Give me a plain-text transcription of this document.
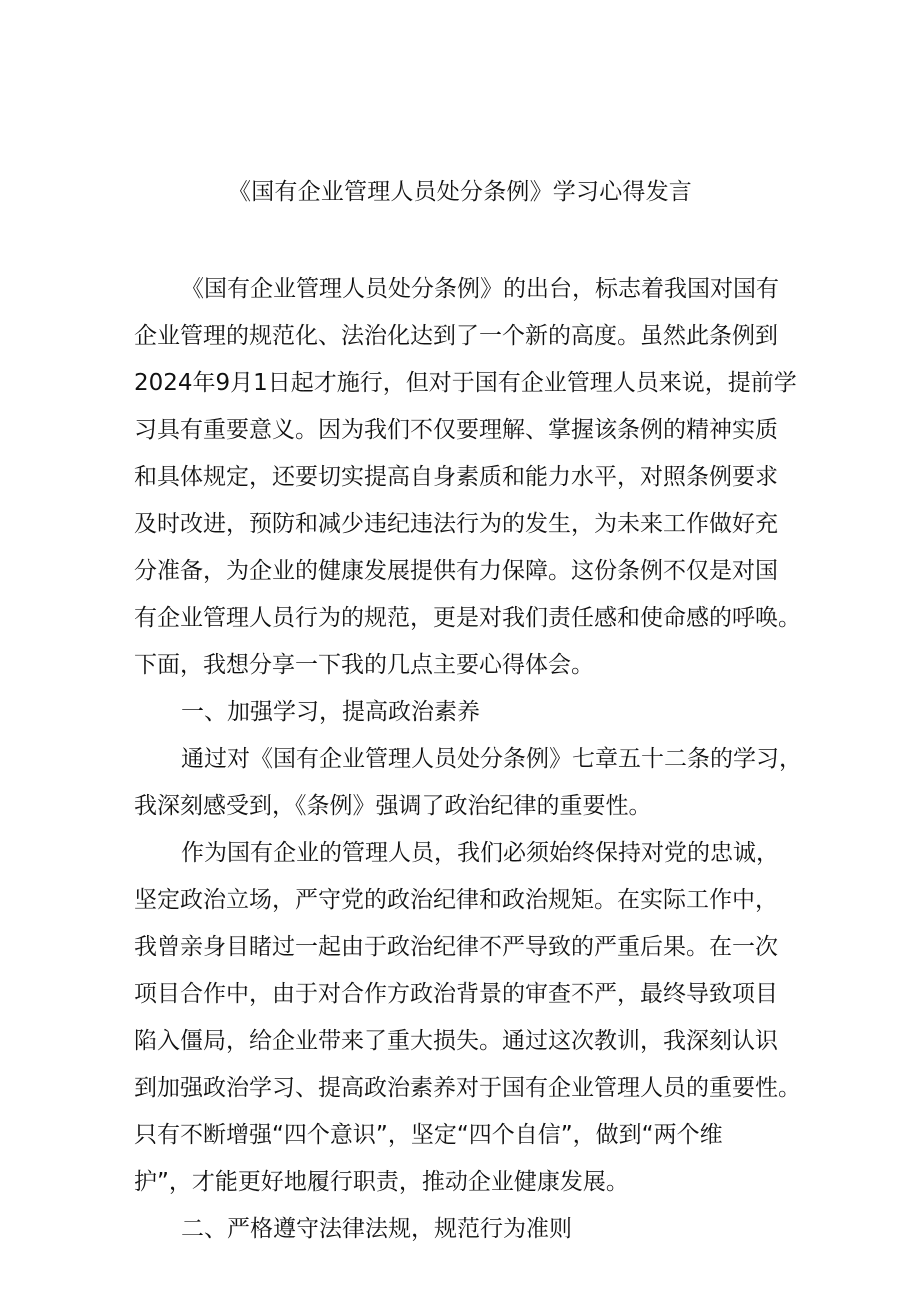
《国有企业管理人员处分条例》学习心得发言
《国有企业管理人员处分条例》的出台，标志着我国对国有
企业管理的规范化、法治化达到了一个新的高度。虽然此条例到
2024年9月1日起才施行，但对于国有企业管理人员来说，提前学
习具有重要意义。因为我们不仅要理解、掌握该条例的精神实质
和具体规定，还要切实提高自身素质和能力水平，对照条例要求
及时改进，预防和减少违纪违法行为的发生，为未来工作做好充
分准备，为企业的健康发展提供有力保障。这份条例不仅是对国
有企业管理人员行为的规范，更是对我们责任感和使命感的呼唤。
下面，我想分享一下我的几点主要心得体会。
一、加强学习，提高政治素养
通过对《国有企业管理人员处分条例》七章五十二条的学习，
我深刻感受到，《条例》强调了政治纪律的重要性。
作为国有企业的管理人员，我们必须始终保持对党的忠诚，
坚定政治立场，严守党的政治纪律和政治规矩。在实际工作中，
我曾亲身目睹过一起由于政治纪律不严导致的严重后果。在一次
项目合作中，由于对合作方政治背景的审查不严，最终导致项目
陷入僵局，给企业带来了重大损失。通过这次教训，我深刻认识
到加强政治学习、提高政治素养对于国有企业管理人员的重要性。
只有不断增强“四个意识”，坚定“四个自信”，做到“两个维
护”，才能更好地履行职责，推动企业健康发展。
二、严格遵守法律法规，规范行为准则
